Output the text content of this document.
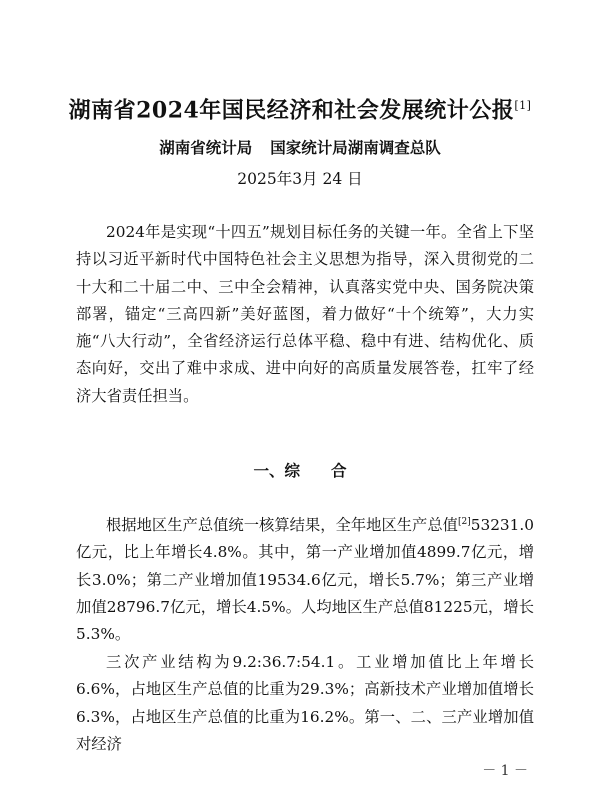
湖南省2024年国民经济和社会发展统计公报[1]
湖南省统计局 国家统计局湖南调查总队
2025年3月 24 日

2024年是实现“十四五”规划目标任务的关键一年。全省上下坚持以习近平新时代中国特色社会主义思想为指导，深入贯彻党的二十大和二十届二中、三中全会精神，认真落实党中央、国务院决策部署，锚定“三高四新”美好蓝图，着力做好“十个统筹”，大力实施“八大行动”，全省经济运行总体平稳、稳中有进、结构优化、质态向好，交出了难中求成、进中向好的高质量发展答卷，扛牢了经济大省责任担当。

一、综　　合

根据地区生产总值统一核算结果，全年地区生产总值[2]53231.0亿元，比上年增长4.8%。其中，第一产业增加值4899.7亿元，增长3.0%；第二产业增加值19534.6亿元，增长5.7%；第三产业增加值28796.7亿元，增长4.5%。人均地区生产总值81225元，增长5.3%。

三次产业结构为9.2:36.7:54.1。工业增加值比上年增长6.6%，占地区生产总值的比重为29.3%；高新技术产业增加值增长6.3%，占地区生产总值的比重为16.2%。第一、二、三产业增加值对经济

－ 1 －
